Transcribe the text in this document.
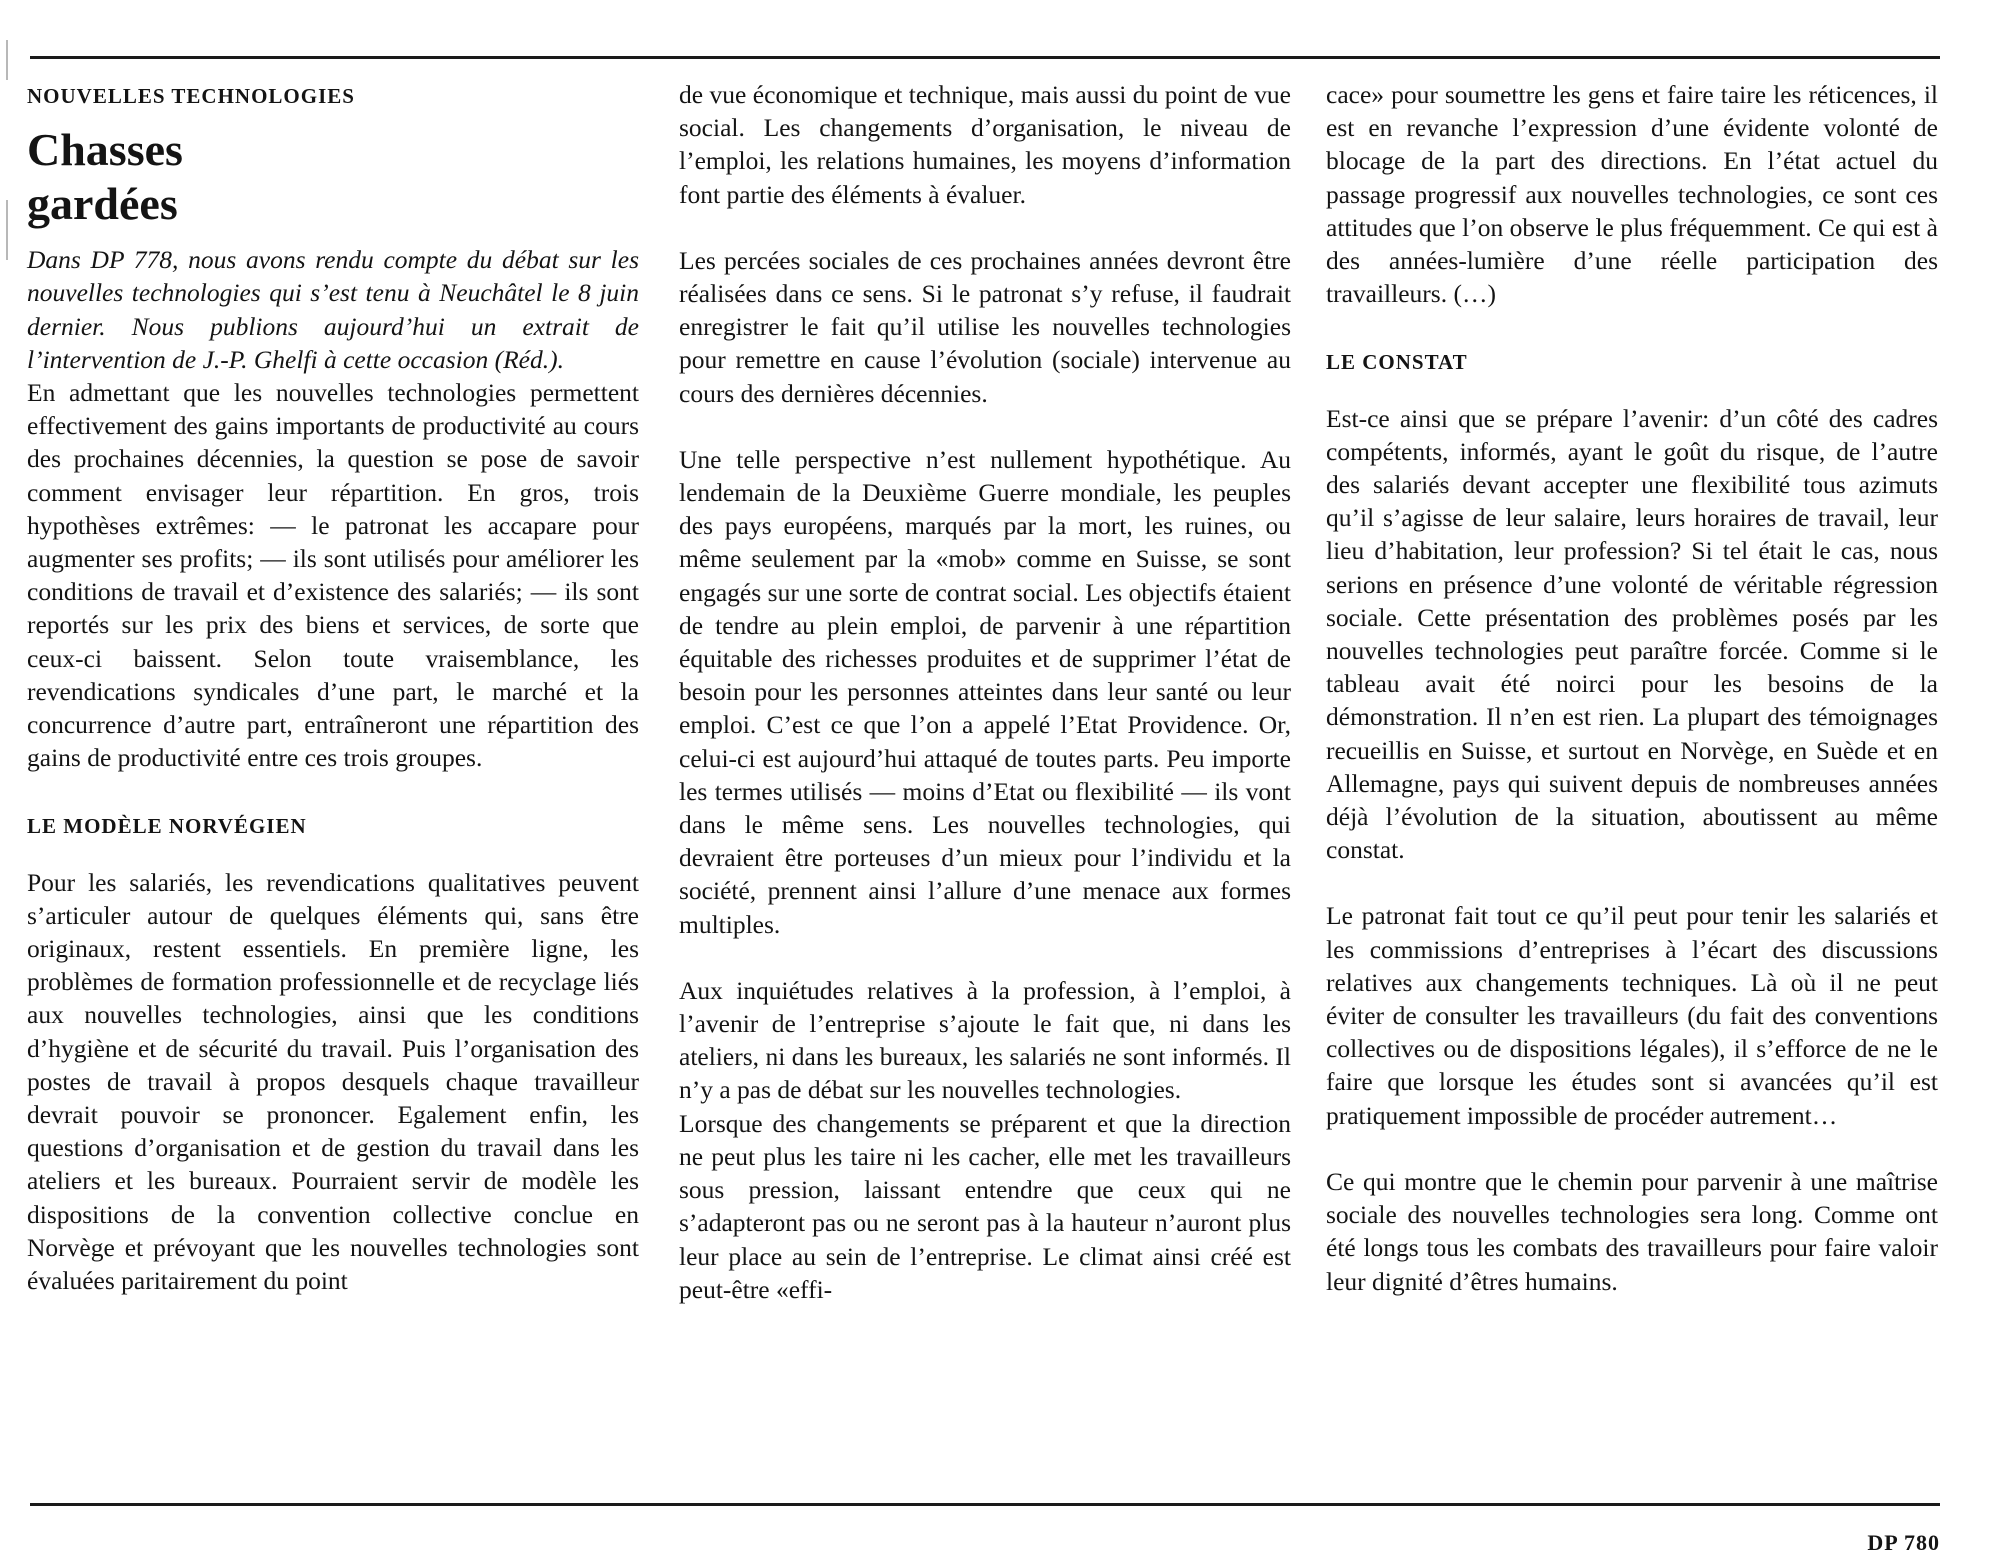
NOUVELLES TECHNOLOGIES
Chasses
gardées

Dans DP 778, nous avons rendu compte du débat sur les nouvelles technologies qui s’est tenu à Neuchâtel le 8 juin dernier. Nous publions aujourd’hui un extrait de l’intervention de J.-P. Ghelfi à cette occasion (Réd.).

En admettant que les nouvelles technologies permettent effectivement des gains importants de productivité au cours des prochaines décennies, la question se pose de savoir comment envisager leur répartition. En gros, trois hypothèses extrêmes: — le patronat les accapare pour augmenter ses profits; — ils sont utilisés pour améliorer les conditions de travail et d’existence des salariés; — ils sont reportés sur les prix des biens et services, de sorte que ceux-ci baissent. Selon toute vraisemblance, les revendications syndicales d’une part, le marché et la concurrence d’autre part, entraîneront une répartition des gains de productivité entre ces trois groupes.

LE MODÈLE NORVÉGIEN

Pour les salariés, les revendications qualitatives peuvent s’articuler autour de quelques éléments qui, sans être originaux, restent essentiels. En première ligne, les problèmes de formation professionnelle et de recyclage liés aux nouvelles technologies, ainsi que les conditions d’hygiène et de sécurité du travail. Puis l’organisation des postes de travail à propos desquels chaque travailleur devrait pouvoir se prononcer. Egalement enfin, les questions d’organisation et de gestion du travail dans les ateliers et les bureaux. Pourraient servir de modèle les dispositions de la convention collective conclue en Norvège et prévoyant que les nouvelles technologies sont évaluées paritairement du point

de vue économique et technique, mais aussi du point de vue social. Les changements d’organisation, le niveau de l’emploi, les relations humaines, les moyens d’information font partie des éléments à évaluer.

Les percées sociales de ces prochaines années devront être réalisées dans ce sens. Si le patronat s’y refuse, il faudrait enregistrer le fait qu’il utilise les nouvelles technologies pour remettre en cause l’évolution (sociale) intervenue au cours des dernières décennies.

Une telle perspective n’est nullement hypothétique. Au lendemain de la Deuxième Guerre mondiale, les peuples des pays européens, marqués par la mort, les ruines, ou même seulement par la «mob» comme en Suisse, se sont engagés sur une sorte de contrat social. Les objectifs étaient de tendre au plein emploi, de parvenir à une répartition équitable des richesses produites et de supprimer l’état de besoin pour les personnes atteintes dans leur santé ou leur emploi. C’est ce que l’on a appelé l’Etat Providence. Or, celui-ci est aujourd’hui attaqué de toutes parts. Peu importe les termes utilisés — moins d’Etat ou flexibilité — ils vont dans le même sens. Les nouvelles technologies, qui devraient être porteuses d’un mieux pour l’individu et la société, prennent ainsi l’allure d’une menace aux formes multiples.

Aux inquiétudes relatives à la profession, à l’emploi, à l’avenir de l’entreprise s’ajoute le fait que, ni dans les ateliers, ni dans les bureaux, les salariés ne sont informés. Il n’y a pas de débat sur les nouvelles technologies.

Lorsque des changements se préparent et que la direction ne peut plus les taire ni les cacher, elle met les travailleurs sous pression, laissant entendre que ceux qui ne s’adapteront pas ou ne seront pas à la hauteur n’auront plus leur place au sein de l’entreprise. Le climat ainsi créé est peut-être «effi-

cace» pour soumettre les gens et faire taire les réticences, il est en revanche l’expression d’une évidente volonté de blocage de la part des directions. En l’état actuel du passage progressif aux nouvelles technologies, ce sont ces attitudes que l’on observe le plus fréquemment. Ce qui est à des années-lumière d’une réelle participation des travailleurs. (…)

LE CONSTAT

Est-ce ainsi que se prépare l’avenir: d’un côté des cadres compétents, informés, ayant le goût du risque, de l’autre des salariés devant accepter une flexibilité tous azimuts qu’il s’agisse de leur salaire, leurs horaires de travail, leur lieu d’habitation, leur profession? Si tel était le cas, nous serions en présence d’une volonté de véritable régression sociale. Cette présentation des problèmes posés par les nouvelles technologies peut paraître forcée. Comme si le tableau avait été noirci pour les besoins de la démonstration. Il n’en est rien. La plupart des témoignages recueillis en Suisse, et surtout en Norvège, en Suède et en Allemagne, pays qui suivent depuis de nombreuses années déjà l’évolution de la situation, aboutissent au même constat.

Le patronat fait tout ce qu’il peut pour tenir les salariés et les commissions d’entreprises à l’écart des discussions relatives aux changements techniques. Là où il ne peut éviter de consulter les travailleurs (du fait des conventions collectives ou de dispositions légales), il s’efforce de ne le faire que lorsque les études sont si avancées qu’il est pratiquement impossible de procéder autrement…

Ce qui montre que le chemin pour parvenir à une maîtrise sociale des nouvelles technologies sera long. Comme ont été longs tous les combats des travailleurs pour faire valoir leur dignité d’êtres humains.

DP 780
